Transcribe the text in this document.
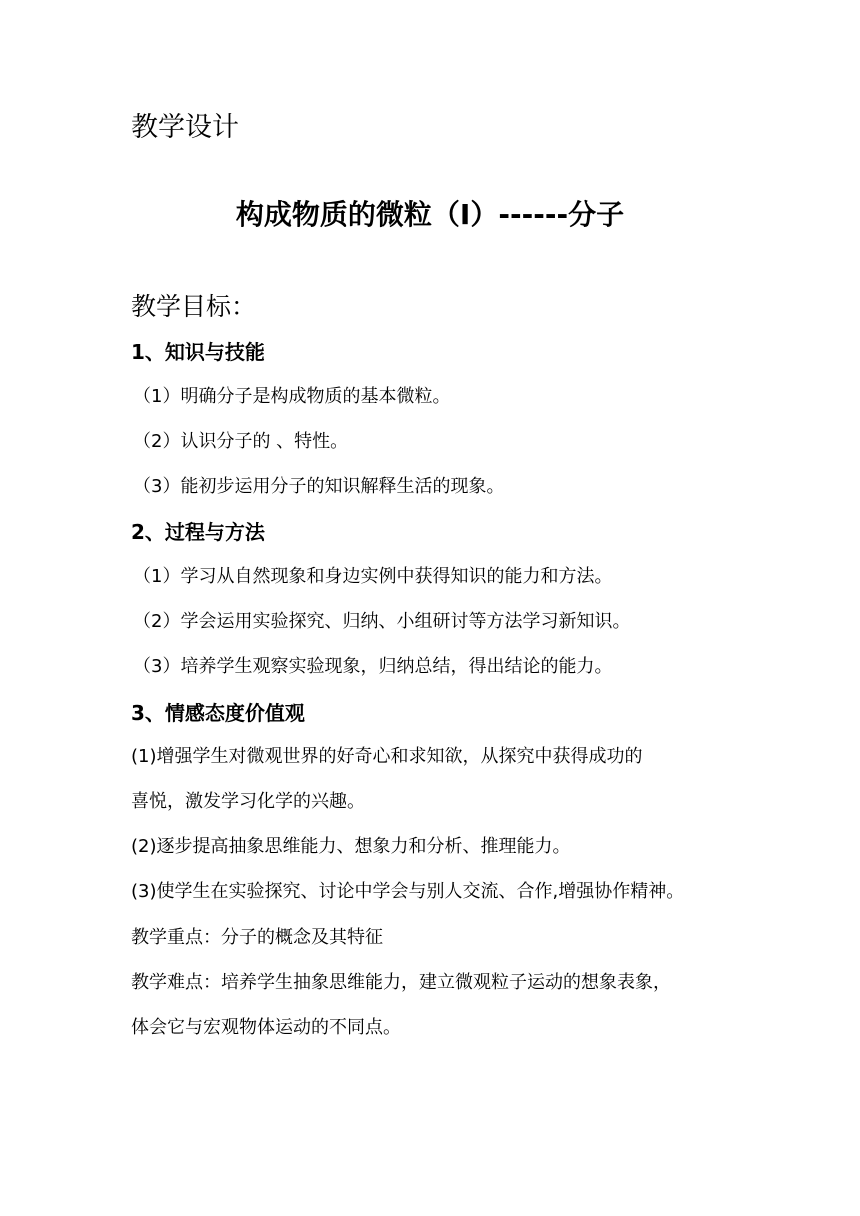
教学设计
构成物质的微粒（I）------分子
教学目标：
1、知识与技能
（1）明确分子是构成物质的基本微粒。
（2）认识分子的 、特性。
（3）能初步运用分子的知识解释生活的现象。
2、过程与方法
（1）学习从自然现象和身边实例中获得知识的能力和方法。
（2）学会运用实验探究、归纳、小组研讨等方法学习新知识。
（3）培养学生观察实验现象，归纳总结，得出结论的能力。
3、情感态度价值观
(1)增强学生对微观世界的好奇心和求知欲，从探究中获得成功的
喜悦，激发学习化学的兴趣。
(2)逐步提高抽象思维能力、想象力和分析、推理能力。
(3)使学生在实验探究、讨论中学会与别人交流、合作,增强协作精神。
教学重点：分子的概念及其特征
教学难点：培养学生抽象思维能力，建立微观粒子运动的想象表象，
体会它与宏观物体运动的不同点。
